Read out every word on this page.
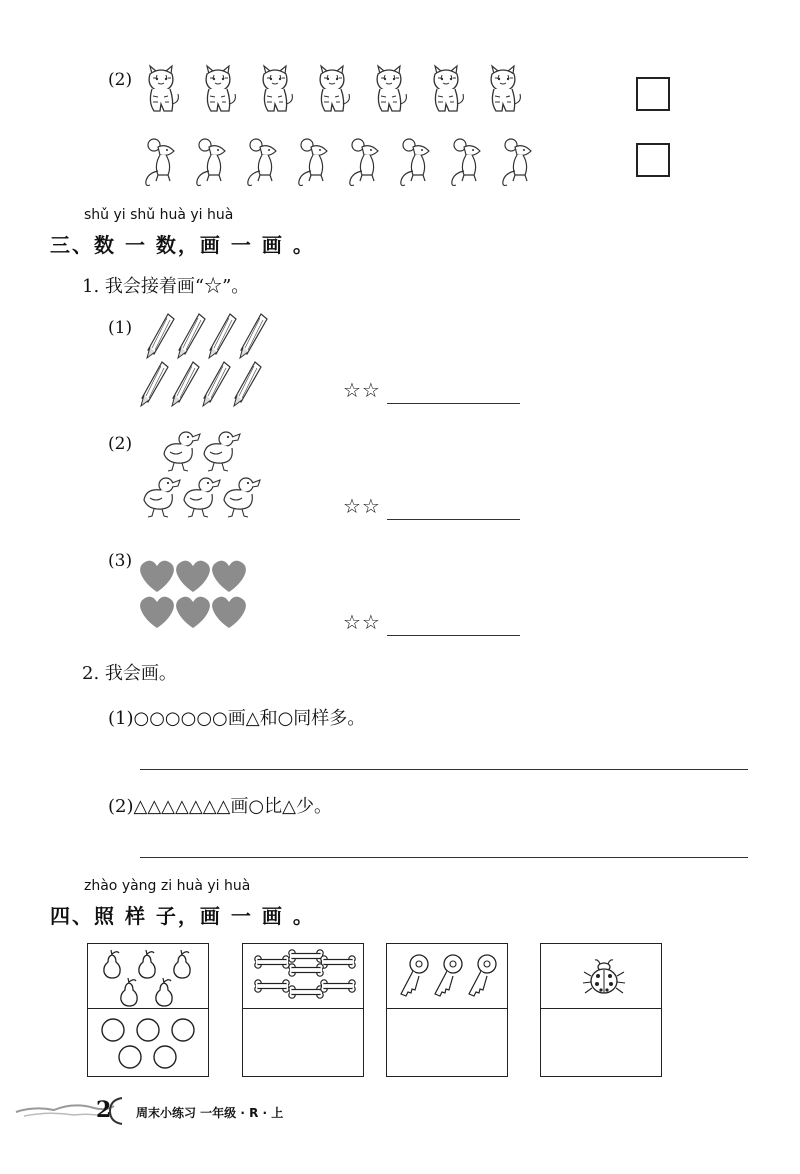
(2)
shǔ yi shǔ huà yi huà
三、数 一 数，画 一 画 。
1. 我会接着画“☆”。
(1)
☆☆
(2)
☆☆
(3)
☆☆
2. 我会画。
(1)○○○○○○画△和○同样多。
(2)△△△△△△△画○比△少。
zhào yàng zi huà yi huà
四、照 样 子，画 一 画 。
2 周末小练习 一年级 · R · 上
